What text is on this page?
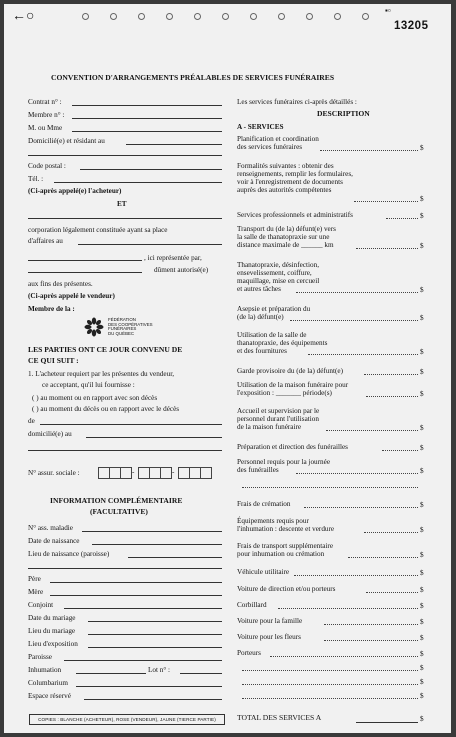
←○	▪▫
13205
CONVENTION D'ARRANGEMENTS PRÉALABLES DE SERVICES FUNÉRAIRES
Contrat n° :
Membre n° :
M. ou Mme
Domicilié(e) et résidant au
Code postal :
Tél. :
(Ci-après appelé(e) l'acheteur)
ET
corporation légalement constituée ayant sa place
d'affaires au
, ici représentée par,
dûment autorisé(e)
aux fins des présentes.
(Ci-après appelé le vendeur)
Membre de la :
FÉDÉRATION
DES COOPÉRATIVES
FUNÉRAIRES
DU QUÉBEC
LES PARTIES ONT CE JOUR CONVENU DE
CE QUI SUIT :
1. L'acheteur requiert par les présentes du vendeur,
ce acceptant, qu'il lui fournisse :
( ) au moment ou en rapport avec son décès
( ) au moment du décès ou en rapport avec le décès
de
domicilié(e) au
N° assur. sociale :	-	-
INFORMATION COMPLÉMENTAIRE
(FACULTATIVE)
N° ass. maladie
Date de naissance
Lieu de naissance (paroisse)
Père
Mère
Conjoint
Date du mariage
Lieu du mariage
Lieu d'exposition
Paroisse
Inhumation	Lot n° :
Columbarium
Espace réservé
COPIES : BLANCHE (ACHETEUR), ROSE (VENDEUR), JAUNE (TIERCE PARTIE)
Les services funéraires ci-après détaillés :
DESCRIPTION
A - SERVICES
Planification et coordination
des services funéraires	$
Formalités suivantes : obtenir des
renseignements, remplir les formulaires,
voir à l'enregistrement de documents
auprès des autorités compétentes
$
Services professionnels et administratifs	$
Transport du (de la) défunt(e) vers
la salle de thanatopraxie sur une
distance maximale de ______ km	$
Thanatopraxie, désinfection,
ensevelissement, coiffure,
maquillage, mise en cercueil
et autres tâches	$
Asepsie et préparation du
(de la) défunt(e)	$
Utilisation de la salle de
thanatopraxie, des équipements
et des fournitures	$
Garde provisoire du (de la) défunt(e)	$
Utilisation de la maison funéraire pour
l'exposition : _______ période(s)	$
Accueil et supervision par le
personnel durant l'utilisation
de la maison funéraire	$
Préparation et direction des funérailles	$
Personnel requis pour la journée
des funérailles	$
Frais de crémation	$
Équipements requis pour
l'inhumation : descente et verdure	$
Frais de transport supplémentaire
pour inhumation ou crémation	$
Véhicule utilitaire	$
Voiture de direction et/ou porteurs	$
Corbillard	$
Voiture pour la famille	$
Voiture pour les fleurs	$
Porteurs	$
$
$
$
TOTAL DES SERVICES A	$
